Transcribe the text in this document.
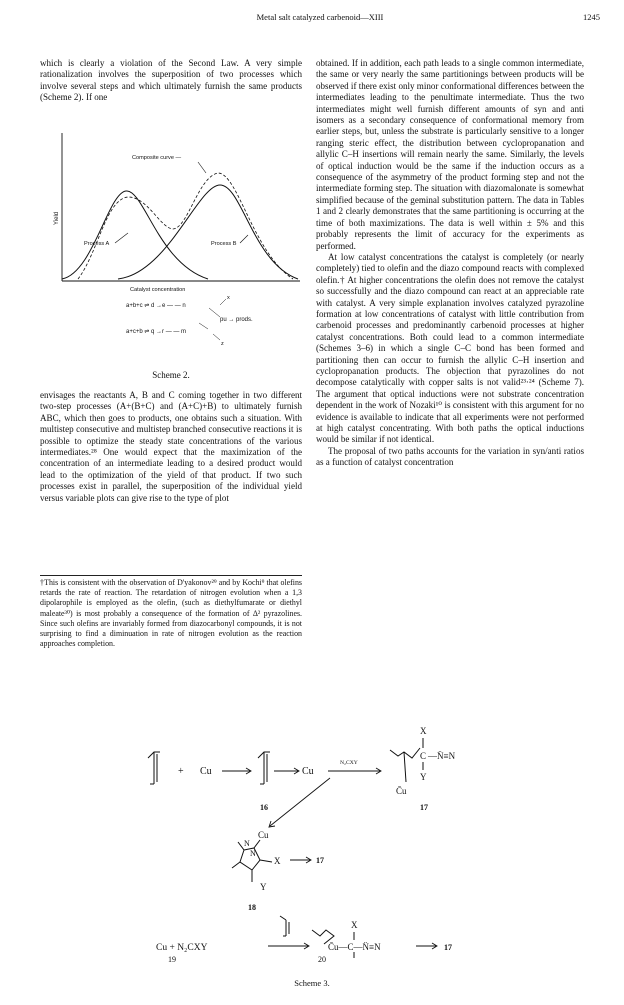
Metal salt catalyzed carbenoid—XIII	1245

which is clearly a violation of the Second Law. A very simple rationalization involves the superposition of two processes which involve several steps and which ultimately furnish the same products (Scheme 2). If one

Yield
Composite curve —
Process A	Process B
Catalyst concentration
x
a+b+c ⇌ d →e — — n
pu → prods.
a+c+b ⇌ q →r — — m
z
Scheme 2.

envisages the reactants A, B and C coming together in two different two-step processes (A+(B+C) and (A+C)+B) to ultimately furnish ABC, which then goes to products, one obtains such a situation. With multistep consecutive and multistep branched consecutive reactions it is possible to optimize the steady state concentrations of the various intermediates.²⁸ One would expect that the maximization of the concentration of an intermediate leading to a desired product would lead to the optimization of the yield of that product. If two such processes exist in parallel, the superposition of the individual yield versus variable plots can give rise to the type of plot

†This is consistent with the observation of D'yakonov²⁹ and by Kochi⁹ that olefins retards the rate of reaction. The retardation of nitrogen evolution when a 1,3 dipolarophile is employed as the olefin, (such as diethylfumarate or diethyl maleate³⁰) is most probably a consequence of the formation of Δ² pyrazolines. Since such olefins are invariably formed from diazocarbonyl compounds, it is not surprising to find a diminuation in rate of nitrogen evolution as the reaction approaches completion.

obtained. If in addition, each path leads to a single common intermediate, the same or very nearly the same partitionings between products will be observed if there exist only minor conformational differences between the intermediates leading to the penultimate intermediate. Thus the two intermediates might well furnish different amounts of syn and anti isomers as a secondary consequence of conformational memory from earlier steps, but, unless the substrate is particularly sensitive to a longer ranging steric effect, the distribution between cyclopropanation and allylic C–H insertions will remain nearly the same. Similarly, the levels of optical induction would be the same if the induction occurs as a consequence of the asymmetry of the product forming step and not the intermediate forming step. The situation with diazomalonate is somewhat simplified because of the geminal substitution pattern. The data in Tables 1 and 2 clearly demonstrates that the same partitioning is occurring at the time of both maximizations. The data is well within ± 5% and this probably represents the limit of accuracy for the experiments as performed.

At low catalyst concentrations the catalyst is completely (or nearly completely) tied to olefin and the diazo compound reacts with complexed olefin.† At higher concentrations the olefin does not remove the catalyst so successfully and the diazo compound can react at an appreciable rate with catalyst. A very simple explanation involves catalyzed pyrazoline formation at low concentrations of catalyst with little contribution from carbenoid processes and predominantly carbenoid processes at higher catalyst concentrations. Both could lead to a common intermediate (Schemes 3–6) in which a single C–C bond has been formed and partitioning then can occur to furnish the allylic C–H insertion and cyclopropanation products. The objection that pyrazolines do not decompose catalytically with copper salts is not valid²³·²⁴ (Scheme 7). The argument that optical inductions were not substrate concentration dependent in the work of Nozaki¹⁰ is consistent with this argument for no evidence is available to indicate that all experiments were not performed at high catalyst concentrating. With both paths the optical inductions would be similar if not identical.

The proposal of two paths accounts for the variation in syn/anti ratios as a function of catalyst concentration

+ Cu	Cu
N₂CXY
X
C —N̈≡N
Y
C̄u
16	17
Cu
N
N
X
Y
17
18
Cu + N₂CXY
X
C̄u—C—N̈≡N	17
19	20
Scheme 3.
